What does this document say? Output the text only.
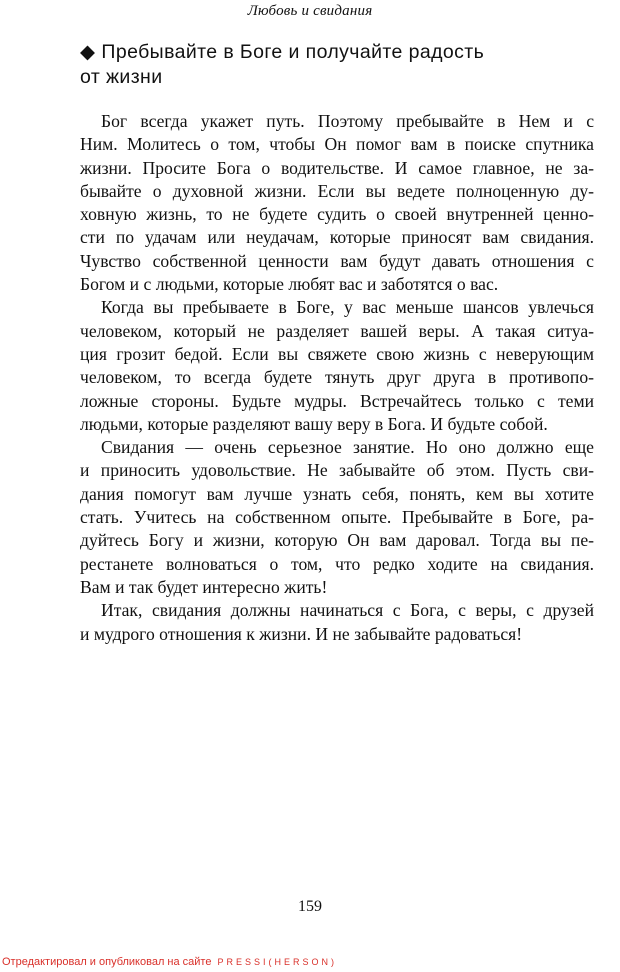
Любовь и свидания
◆ Пребывайте в Боге и получайте радость
от жизни
Бог всегда укажет путь. Поэтому пребывайте в Нем и с
Ним. Молитесь о том, чтобы Он помог вам в поиске спутника
жизни. Просите Бога о водительстве. И самое главное, не за-
бывайте о духовной жизни. Если вы ведете полноценную ду-
ховную жизнь, то не будете судить о своей внутренней ценно-
сти по удачам или неудачам, которые приносят вам свидания.
Чувство собственной ценности вам будут давать отношения с
Богом и с людьми, которые любят вас и заботятся о вас.
Когда вы пребываете в Боге, у вас меньше шансов увлечься
человеком, который не разделяет вашей веры. А такая ситуа-
ция грозит бедой. Если вы свяжете свою жизнь с неверующим
человеком, то всегда будете тянуть друг друга в противопо-
ложные стороны. Будьте мудры. Встречайтесь только с теми
людьми, которые разделяют вашу веру в Бога. И будьте собой.
Свидания — очень серьезное занятие. Но оно должно еще
и приносить удовольствие. Не забывайте об этом. Пусть сви-
дания помогут вам лучше узнать себя, понять, кем вы хотите
стать. Учитесь на собственном опыте. Пребывайте в Боге, ра-
дуйтесь Богу и жизни, которую Он вам даровал. Тогда вы пе-
рестанете волноваться о том, что редко ходите на свидания.
Вам и так будет интересно жить!
Итак, свидания должны начинаться с Бога, с веры, с друзей
и мудрого отношения к жизни. И не забывайте радоваться!
159
Отредактировал и опубликовал на сайте PRESSI(HERSON)
